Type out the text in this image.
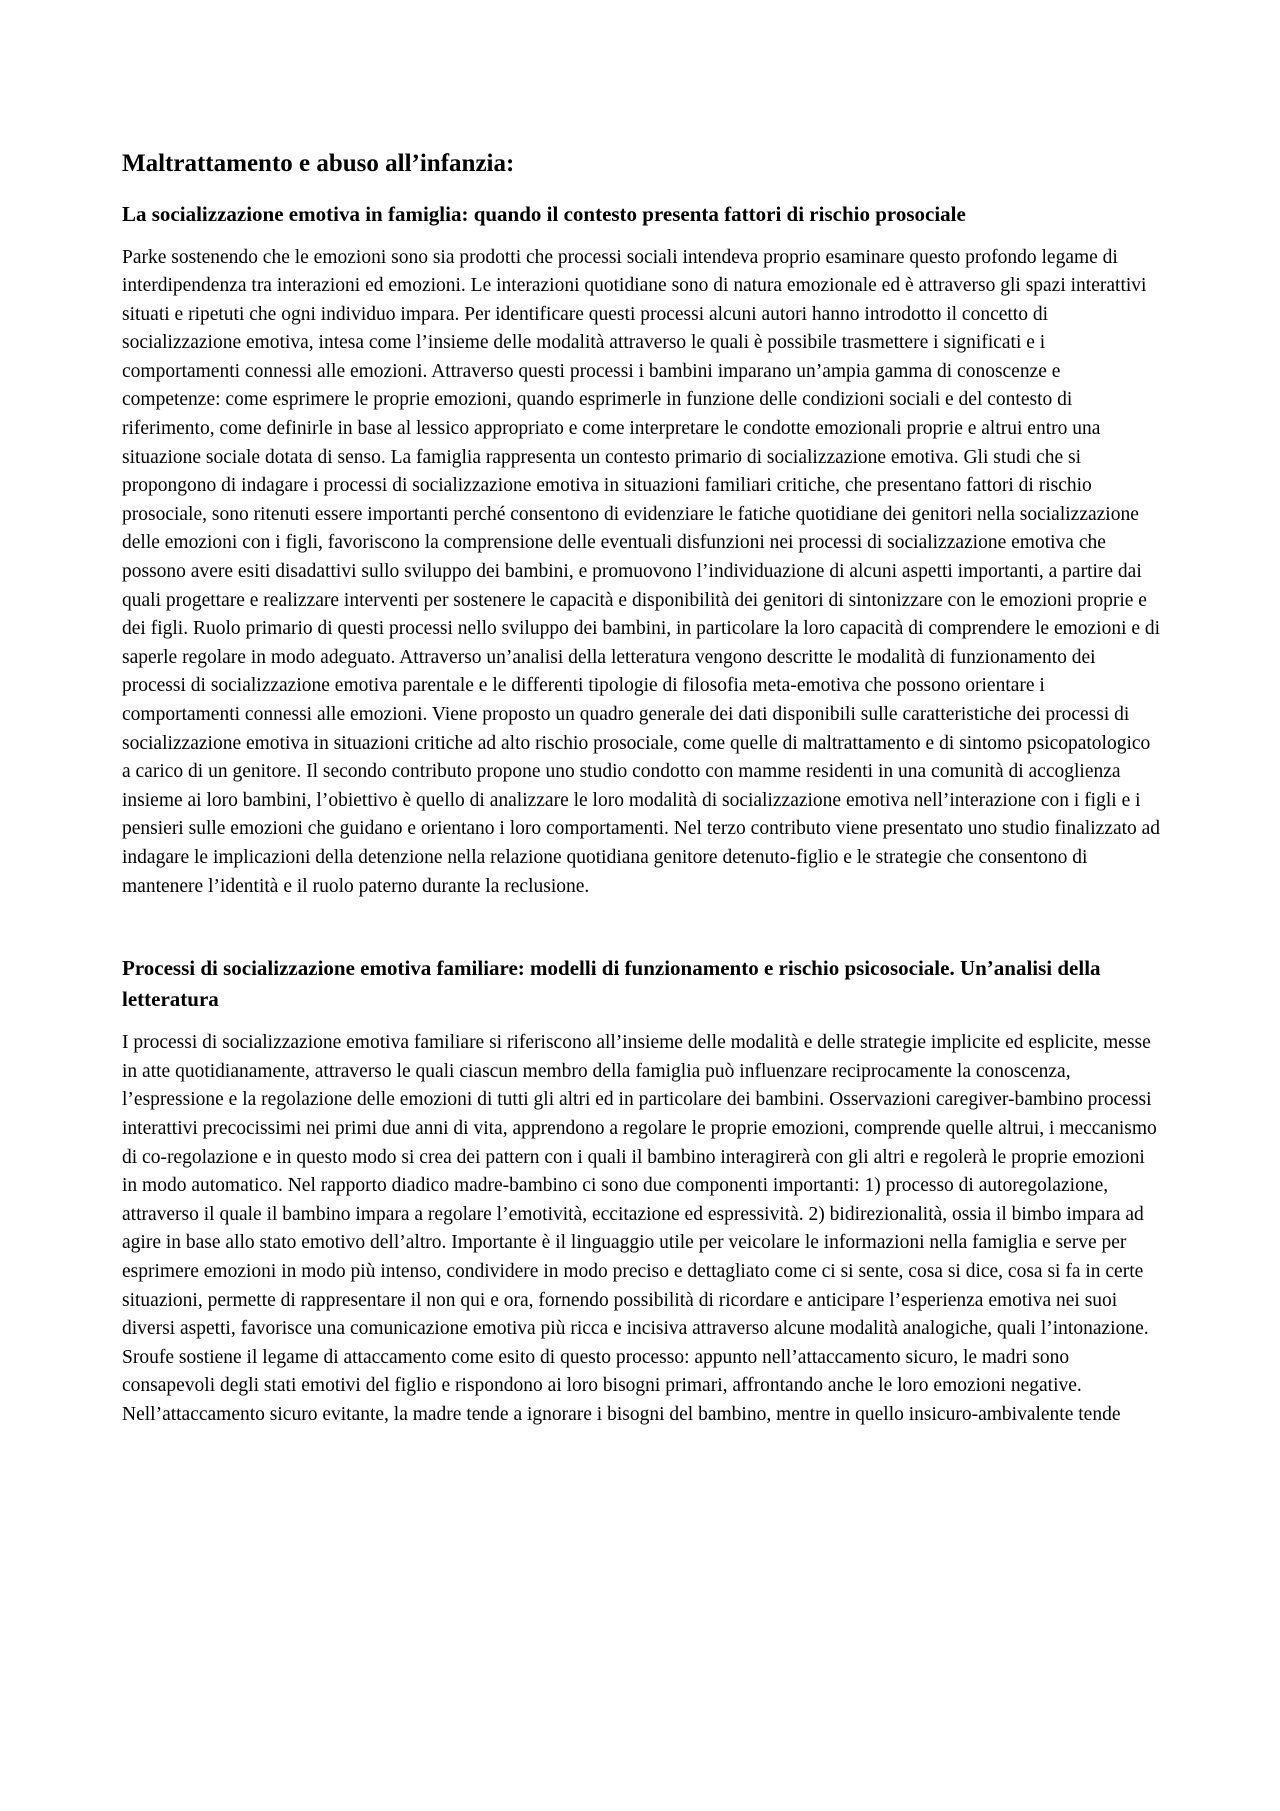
Maltrattamento e abuso all’infanzia:
La socializzazione emotiva in famiglia: quando il contesto presenta fattori di rischio prosociale

Parke sostenendo che le emozioni sono sia prodotti che processi sociali intendeva proprio esaminare questo profondo legame di interdipendenza tra interazioni ed emozioni. Le interazioni quotidiane sono di natura emozionale ed è attraverso gli spazi interattivi situati e ripetuti che ogni individuo impara. Per identificare questi processi alcuni autori hanno introdotto il concetto di socializzazione emotiva, intesa come l’insieme delle modalità attraverso le quali è possibile trasmettere i significati e i comportamenti connessi alle emozioni. Attraverso questi processi i bambini imparano un’ampia gamma di conoscenze e competenze: come esprimere le proprie emozioni, quando esprimerle in funzione delle condizioni sociali e del contesto di riferimento, come definirle in base al lessico appropriato e come interpretare le condotte emozionali proprie e altrui entro una situazione sociale dotata di senso. La famiglia rappresenta un contesto primario di socializzazione emotiva. Gli studi che si propongono di indagare i processi di socializzazione emotiva in situazioni familiari critiche, che presentano fattori di rischio prosociale, sono ritenuti essere importanti perché consentono di evidenziare le fatiche quotidiane dei genitori nella socializzazione delle emozioni con i figli, favoriscono la comprensione delle eventuali disfunzioni nei processi di socializzazione emotiva che possono avere esiti disadattivi sullo sviluppo dei bambini, e promuovono l’individuazione di alcuni aspetti importanti, a partire dai quali progettare e realizzare interventi per sostenere le capacità e disponibilità dei genitori di sintonizzare con le emozioni proprie e dei figli. Ruolo primario di questi processi nello sviluppo dei bambini, in particolare la loro capacità di comprendere le emozioni e di saperle regolare in modo adeguato. Attraverso un’analisi della letteratura vengono descritte le modalità di funzionamento dei processi di socializzazione emotiva parentale e le differenti tipologie di filosofia meta-emotiva che possono orientare i comportamenti connessi alle emozioni. Viene proposto un quadro generale dei dati disponibili sulle caratteristiche dei processi di socializzazione emotiva in situazioni critiche ad alto rischio prosociale, come quelle di maltrattamento e di sintomo psicopatologico a carico di un genitore. Il secondo contributo propone uno studio condotto con mamme residenti in una comunità di accoglienza insieme ai loro bambini, l’obiettivo è quello di analizzare le loro modalità di socializzazione emotiva nell’interazione con i figli e i pensieri sulle emozioni che guidano e orientano i loro comportamenti. Nel terzo contributo viene presentato uno studio finalizzato ad indagare le implicazioni della detenzione nella relazione quotidiana genitore detenuto-figlio e le strategie che consentono di mantenere l’identità e il ruolo paterno durante la reclusione.

Processi di socializzazione emotiva familiare: modelli di funzionamento e rischio psicosociale. Un’analisi della letteratura

I processi di socializzazione emotiva familiare si riferiscono all’insieme delle modalità e delle strategie implicite ed esplicite, messe in atte quotidianamente, attraverso le quali ciascun membro della famiglia può influenzare reciprocamente la conoscenza, l’espressione e la regolazione delle emozioni di tutti gli altri ed in particolare dei bambini. Osservazioni caregiver-bambino processi interattivi precocissimi nei primi due anni di vita, apprendono a regolare le proprie emozioni, comprende quelle altrui, i meccanismo di co-regolazione e in questo modo si crea dei pattern con i quali il bambino interagirerà con gli altri e regolerà le proprie emozioni in modo automatico. Nel rapporto diadico madre-bambino ci sono due componenti importanti: 1) processo di autoregolazione, attraverso il quale il bambino impara a regolare l’emotività, eccitazione ed espressività. 2) bidirezionalità, ossia il bimbo impara ad agire in base allo stato emotivo dell’altro. Importante è il linguaggio utile per veicolare le informazioni nella famiglia e serve per esprimere emozioni in modo più intenso, condividere in modo preciso e dettagliato come ci si sente, cosa si dice, cosa si fa in certe situazioni, permette di rappresentare il non qui e ora, fornendo possibilità di ricordare e anticipare l’esperienza emotiva nei suoi diversi aspetti, favorisce una comunicazione emotiva più ricca e incisiva attraverso alcune modalità analogiche, quali l’intonazione. Sroufe sostiene il legame di attaccamento come esito di questo processo: appunto nell’attaccamento sicuro, le madri sono consapevoli degli stati emotivi del figlio e rispondono ai loro bisogni primari, affrontando anche le loro emozioni negative. Nell’attaccamento sicuro evitante, la madre tende a ignorare i bisogni del bambino, mentre in quello insicuro-ambivalente tende
